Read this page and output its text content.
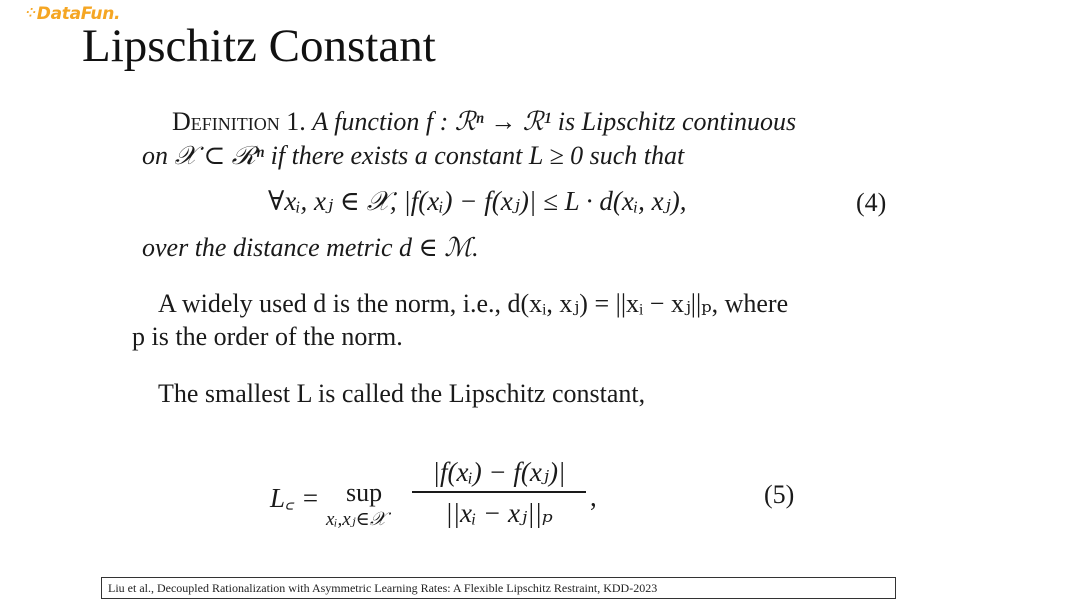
⁘DataFun.
Lipschitz Constant
Definition 1. A function f : ℛⁿ → ℛ¹ is Lipschitz continuous
on 𝒳 ⊂ ℛⁿ if there exists a constant L ≥ 0 such that
∀xᵢ, xⱼ ∈ 𝒳, |f(xᵢ) − f(xⱼ)| ≤ L · d(xᵢ, xⱼ),	(4)
over the distance metric d ∈ ℳ.
A widely used d is the norm, i.e., d(xᵢ, xⱼ) = ||xᵢ − xⱼ||ₚ, where
p is the order of the norm.
The smallest L is called the Lipschitz constant,
L꜀ = sup
xᵢ,xⱼ∈𝒳
|f(xᵢ) − f(xⱼ)|
||xᵢ − xⱼ||ₚ
,	(5)
Liu et al., Decoupled Rationalization with Asymmetric Learning Rates: A Flexible Lipschitz Restraint, KDD-2023
